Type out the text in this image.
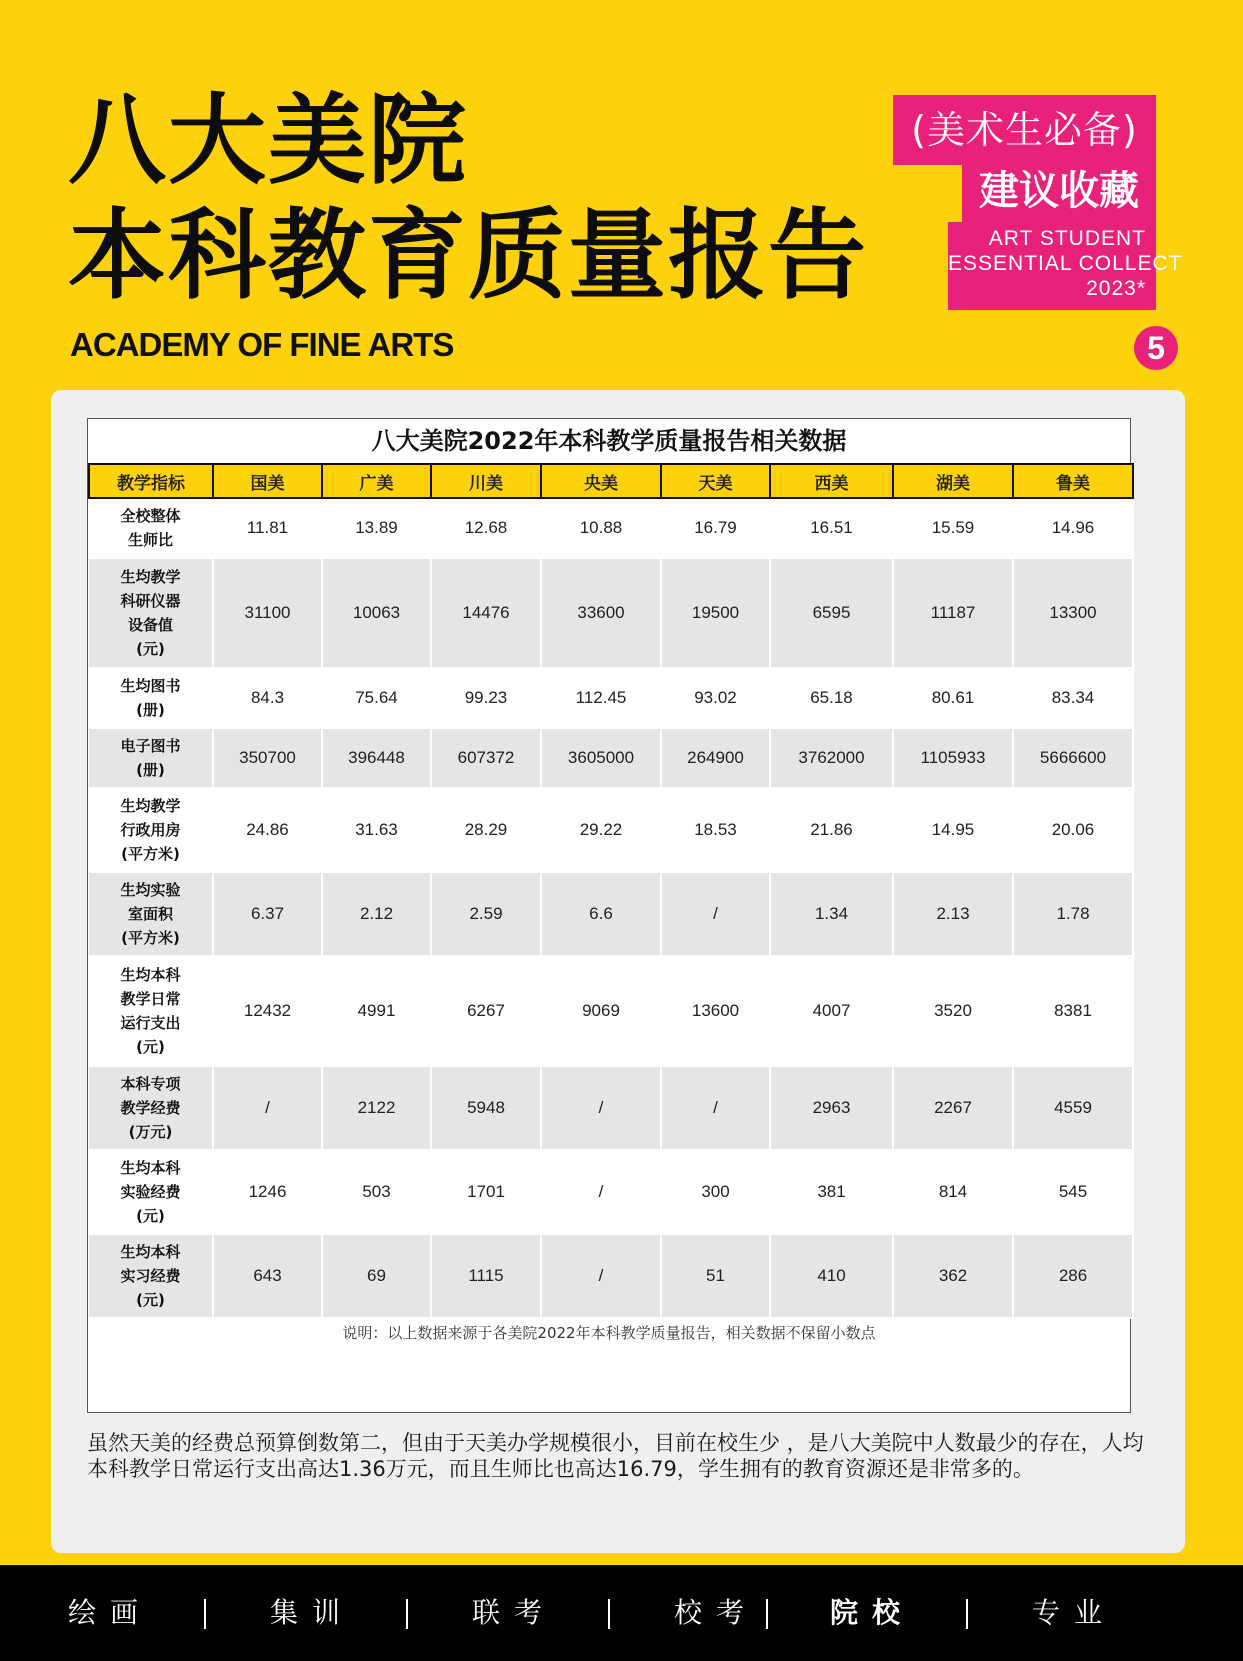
八大美院
本科教育质量报告
ACADEMY OF FINE ARTS
(美术生必备)
建议收藏
ART STUDENT
ESSENTIAL COLLECT
2023*
5
八大美院2022年本科教学质量报告相关数据
教学指标	国美	广美	川美	央美	天美	西美	湖美	鲁美

全校整体
生师比	11.81	13.89	12.68	10.88	16.79	16.51	15.59	14.96

生均教学
科研仪器
设备值
(元)	31100	10063	14476	33600	19500	6595	11187	13300

生均图书
(册)	84.3	75.64	99.23	112.45	93.02	65.18	80.61	83.34

电子图书
(册)	350700	396448	607372	3605000	264900	3762000	1105933	5666600

生均教学
行政用房
(平方米)	24.86	31.63	28.29	29.22	18.53	21.86	14.95	20.06

生均实验
室面积
(平方米)	6.37	2.12	2.59	6.6	/	1.34	2.13	1.78

生均本科
教学日常
运行支出
(元)	12432	4991	6267	9069	13600	4007	3520	8381

本科专项
教学经费
(万元)	/	2122	5948	/	/	2963	2267	4559

生均本科
实验经费
(元)	1246	503	1701	/	300	381	814	545

生均本科
实习经费
(元)	643	69	1115	/	51	410	362	286
说明：以上数据来源于各美院2022年本科教学质量报告，相关数据不保留小数点
虽然天美的经费总预算倒数第二，但由于天美办学规模很小，目前在校生少 ，是八大美院中人数最少的存在，人均本科教学日常运行支出高达1.36万元，而且生师比也高达16.79，学生拥有的教育资源还是非常多的。
绘画	集训	联考	校考	院校	专业
